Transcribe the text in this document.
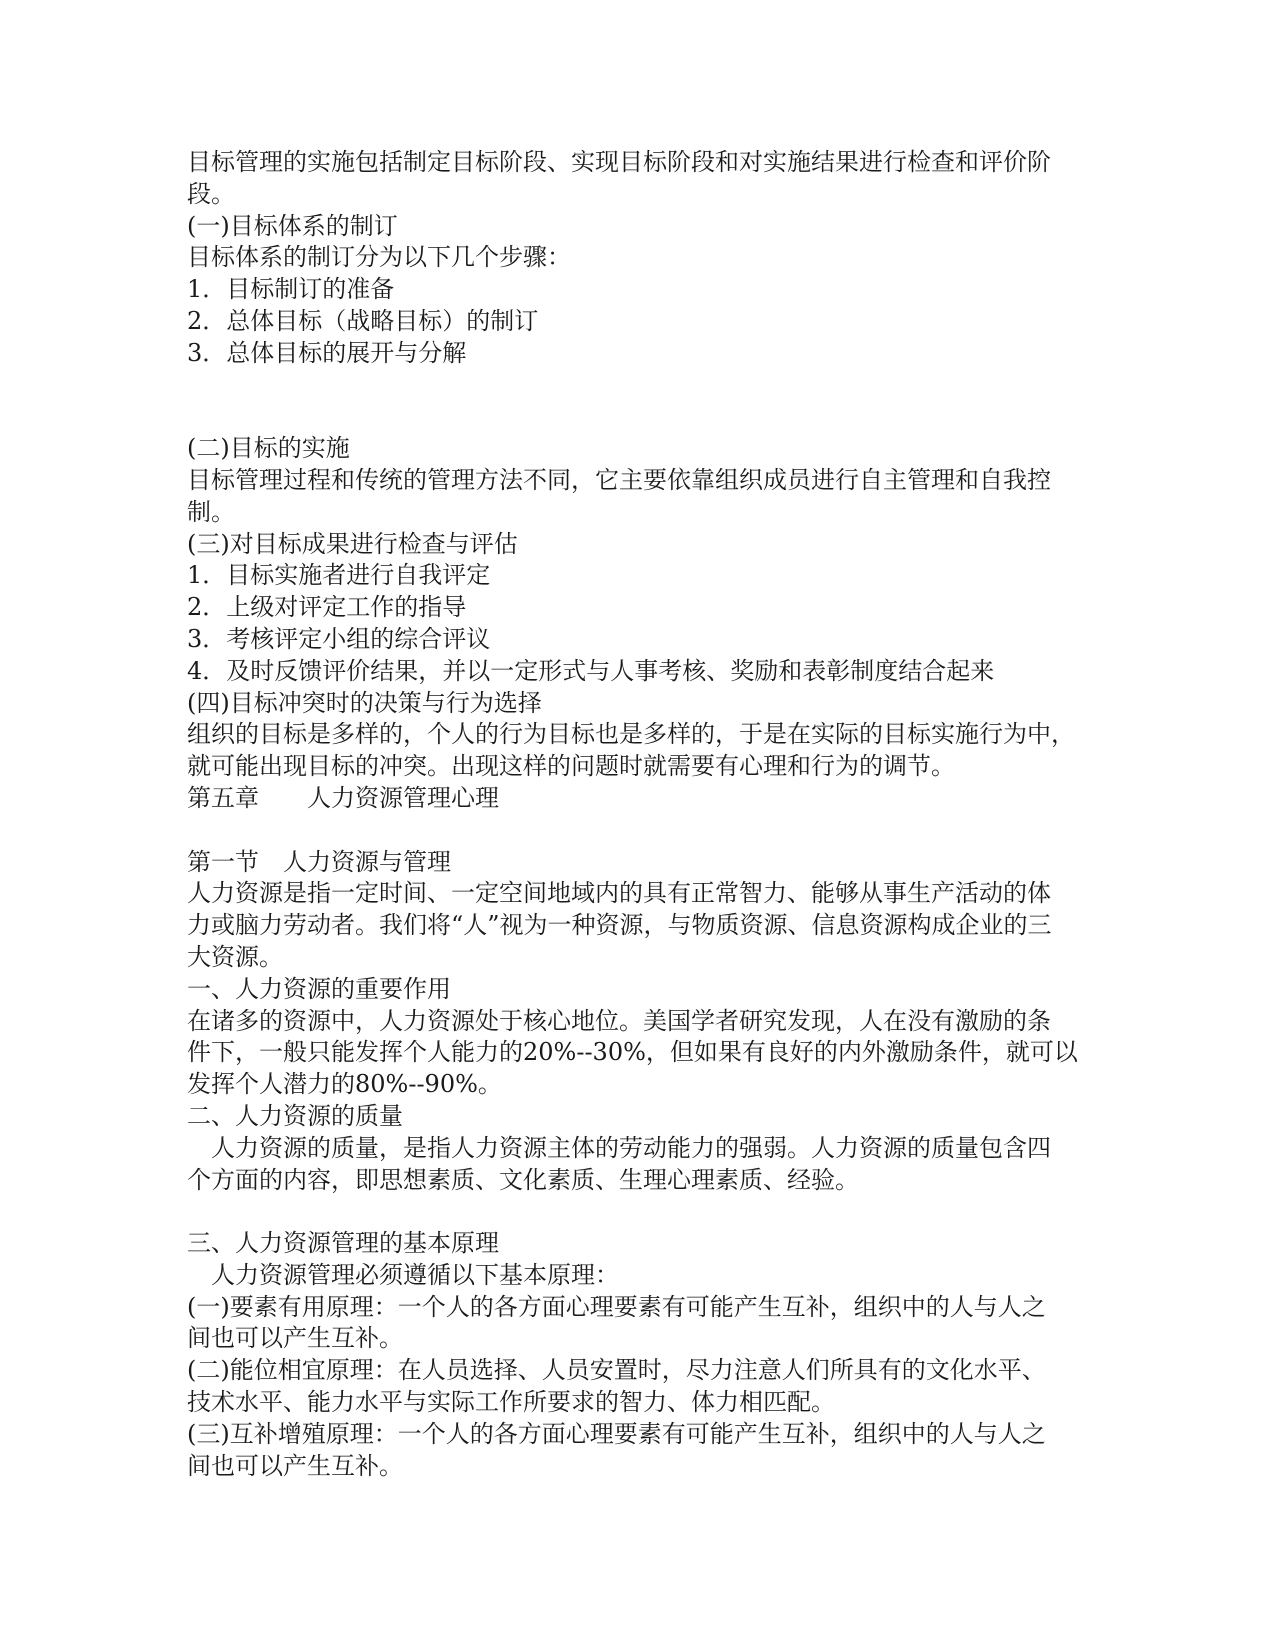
目标管理的实施包括制定目标阶段、实现目标阶段和对实施结果进行检查和评价阶
段。
(一)目标体系的制订
目标体系的制订分为以下几个步骤：
1．目标制订的准备
2．总体目标（战略目标）的制订
3．总体目标的展开与分解
(二)目标的实施
目标管理过程和传统的管理方法不同，它主要依靠组织成员进行自主管理和自我控
制。
(三)对目标成果进行检查与评估
1．目标实施者进行自我评定
2．上级对评定工作的指导
3．考核评定小组的综合评议
4．及时反馈评价结果，并以一定形式与人事考核、奖励和表彰制度结合起来
(四)目标冲突时的决策与行为选择
组织的目标是多样的，个人的行为目标也是多样的，于是在实际的目标实施行为中，
就可能出现目标的冲突。出现这样的问题时就需要有心理和行为的调节。
第五章 人力资源管理心理
第一节 人力资源与管理
人力资源是指一定时间、一定空间地域内的具有正常智力、能够从事生产活动的体
力或脑力劳动者。我们将“人”视为一种资源，与物质资源、信息资源构成企业的三
大资源。
一、人力资源的重要作用
在诸多的资源中，人力资源处于核心地位。美国学者研究发现，人在没有激励的条
件下，一般只能发挥个人能力的20%--30%，但如果有良好的内外激励条件，就可以
发挥个人潜力的80%--90%。
二、人力资源的质量
　人力资源的质量，是指人力资源主体的劳动能力的强弱。人力资源的质量包含四
个方面的内容，即思想素质、文化素质、生理心理素质、经验。
三、人力资源管理的基本原理
　人力资源管理必须遵循以下基本原理：
(一)要素有用原理：一个人的各方面心理要素有可能产生互补，组织中的人与人之
间也可以产生互补。
(二)能位相宜原理：在人员选择、人员安置时，尽力注意人们所具有的文化水平、
技术水平、能力水平与实际工作所要求的智力、体力相匹配。
(三)互补增殖原理：一个人的各方面心理要素有可能产生互补，组织中的人与人之
间也可以产生互补。
